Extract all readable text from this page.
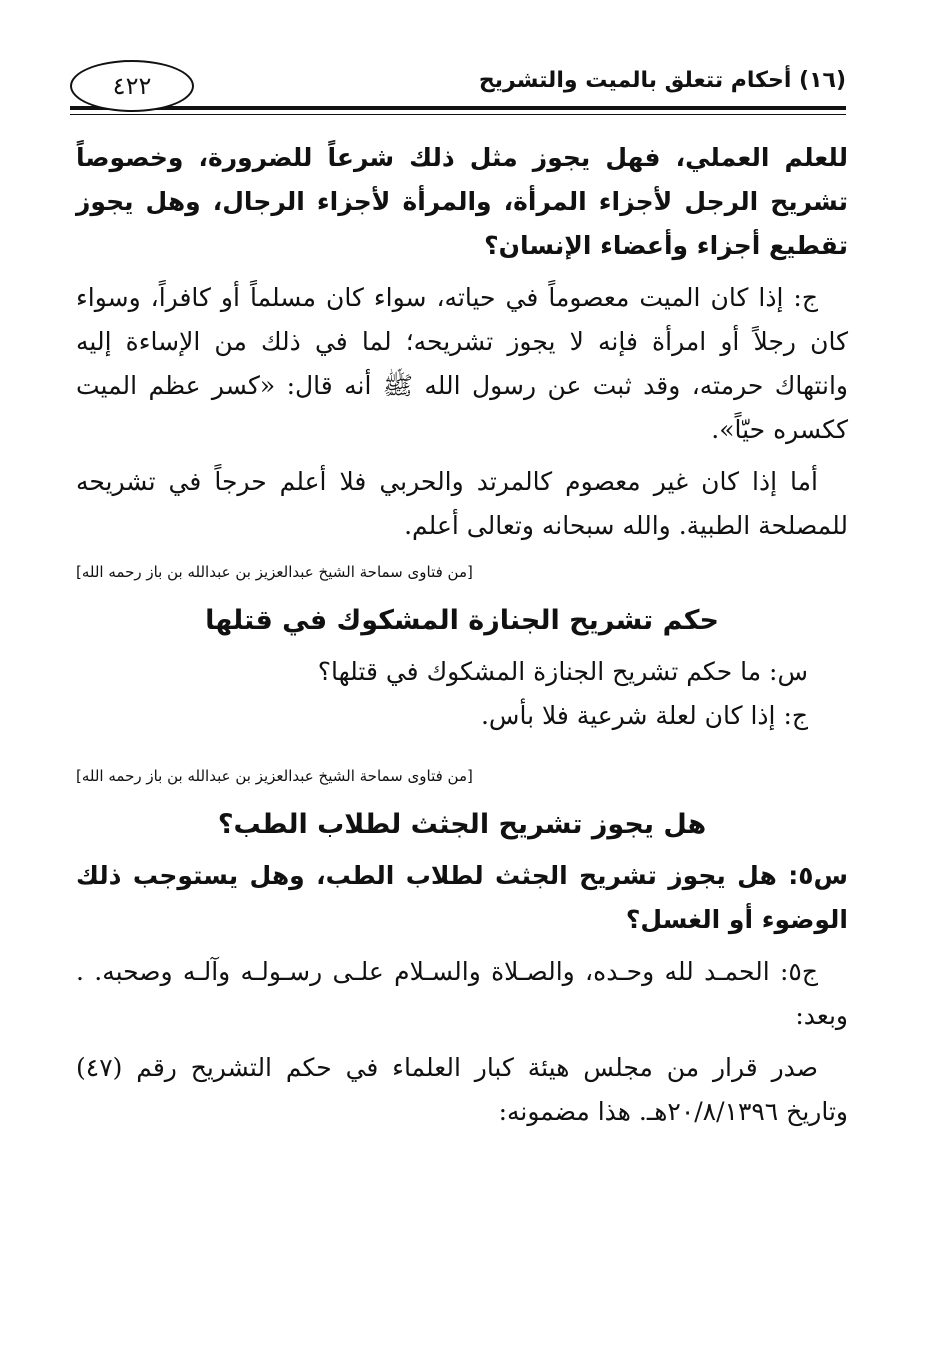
٤٢٢	(١٦) أحكام تتعلق بالميت والتشريح

للعلم العملي، فهل يجوز مثل ذلك شرعاً للضرورة، وخصوصاً تشريح الرجل لأجزاء المرأة، والمرأة لأجزاء الرجال، وهل يجوز تقطيع أجزاء وأعضاء الإنسان؟

ج: إذا كان الميت معصوماً في حياته، سواء كان مسلماً أو كافراً، وسواء كان رجلاً أو امرأة فإنه لا يجوز تشريحه؛ لما في ذلك من الإساءة إليه وانتهاك حرمته، وقد ثبت عن رسول الله ﷺ أنه قال: «كسر عظم الميت ككسره حيّاً».

أما إذا كان غير معصوم كالمرتد والحربي فلا أعلم حرجاً في تشريحه للمصلحة الطبية. والله سبحانه وتعالى أعلم.

[من فتاوى سماحة الشيخ عبدالعزيز بن عبدالله بن باز رحمه الله]
حكم تشريح الجنازة المشكوك في قتلها

س: ما حكم تشريح الجنازة المشكوك في قتلها؟

ج: إذا كان لعلة شرعية فلا بأس.

[من فتاوى سماحة الشيخ عبدالعزيز بن عبدالله بن باز رحمه الله]
هل يجوز تشريح الجثث لطلاب الطب؟

س٥: هل يجوز تشريح الجثث لطلاب الطب، وهل يستوجب ذلك الوضوء أو الغسل؟

ج٥: الحمـد لله وحـده، والصـلاة والسـلام علـى رسـولـه وآلـه وصحبه. . وبعد:

صدر قرار من مجلس هيئة كبار العلماء في حكم التشريح رقم (٤٧) وتاريخ ٢٠/٨/١٣٩٦هـ. هذا مضمونه:
